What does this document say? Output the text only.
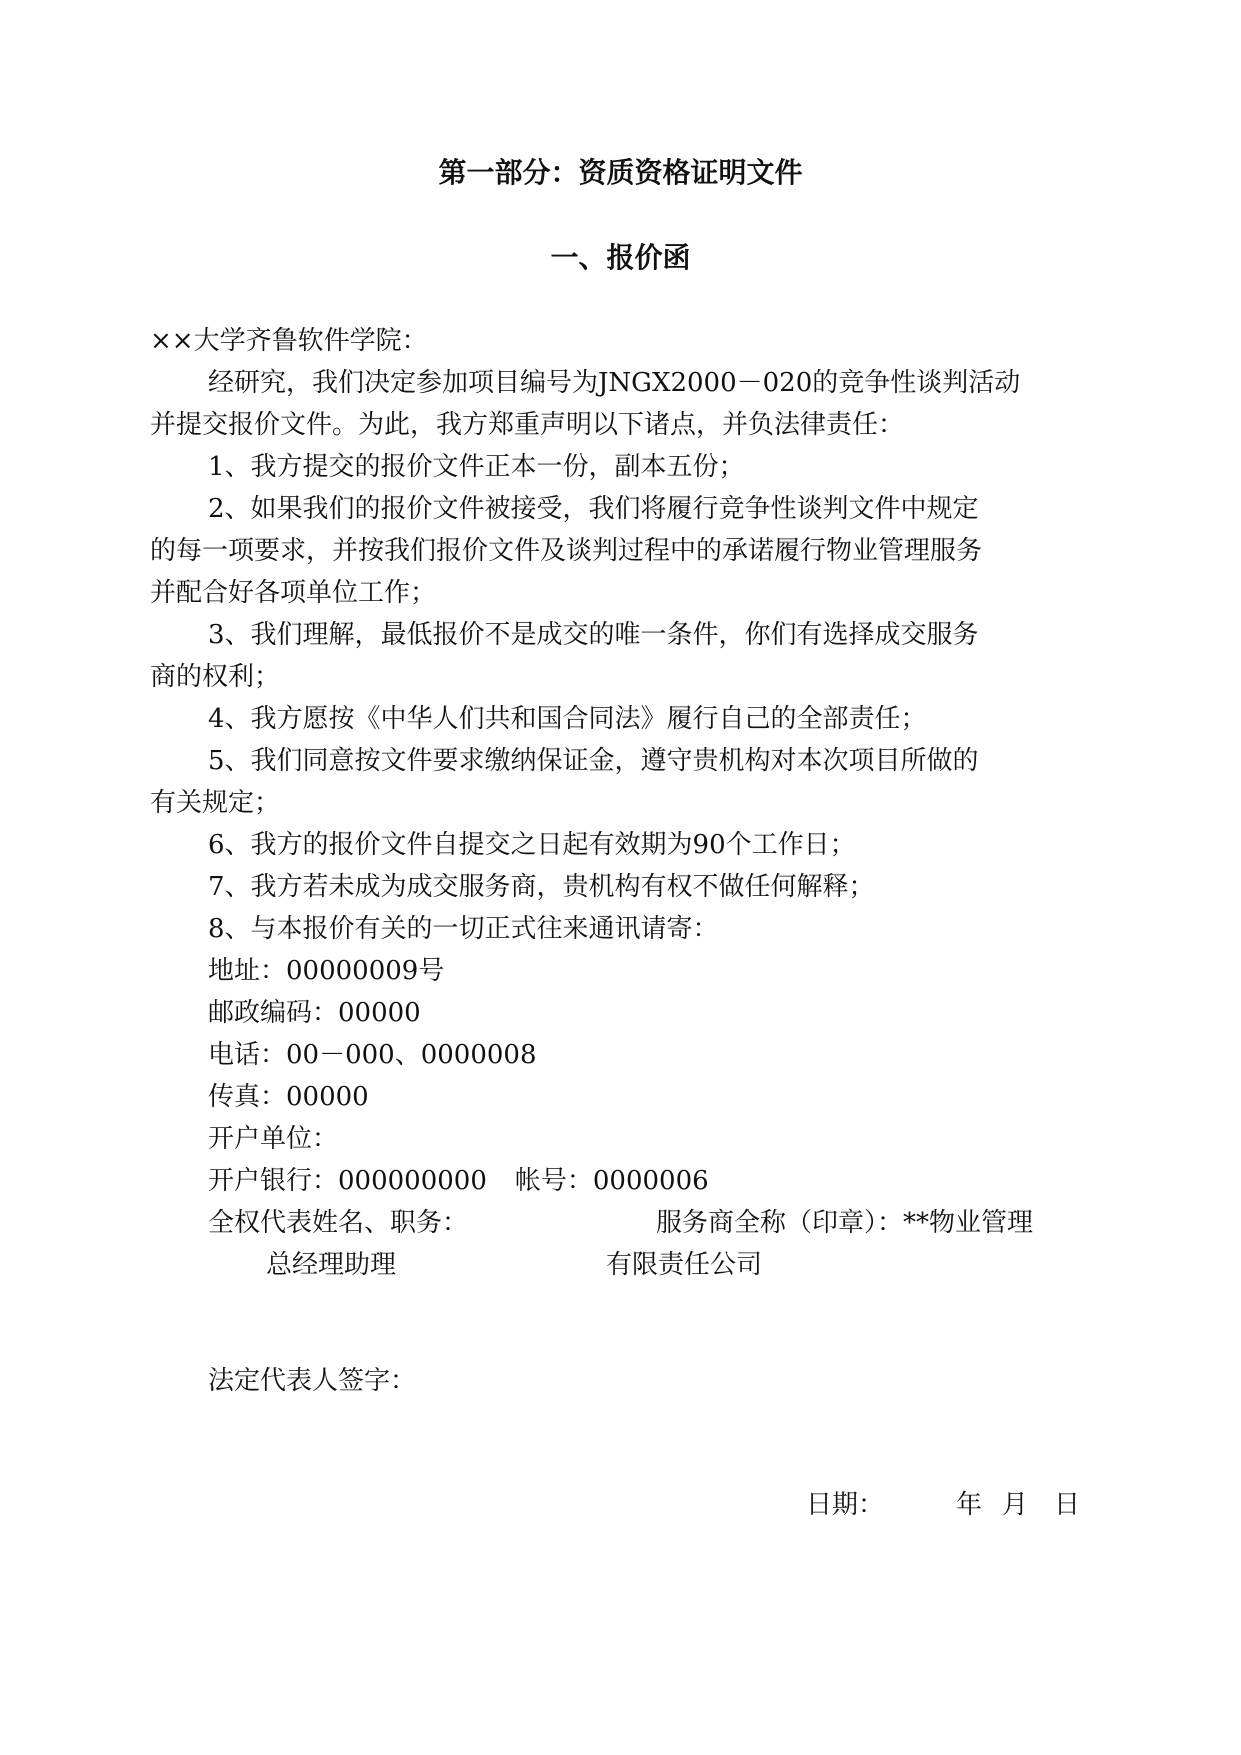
第一部分：资质资格证明文件
一、报价函
××大学齐鲁软件学院：
经研究，我们决定参加项目编号为JNGX2000－020的竞争性谈判活动
并提交报价文件。为此，我方郑重声明以下诸点，并负法律责任：
1、我方提交的报价文件正本一份，副本五份；
2、如果我们的报价文件被接受，我们将履行竞争性谈判文件中规定
的每一项要求，并按我们报价文件及谈判过程中的承诺履行物业管理服务
并配合好各项单位工作；
3、我们理解，最低报价不是成交的唯一条件，你们有选择成交服务
商的权利；
4、我方愿按《中华人们共和国合同法》履行自己的全部责任；
5、我们同意按文件要求缴纳保证金，遵守贵机构对本次项目所做的
有关规定；
6、我方的报价文件自提交之日起有效期为90个工作日；
7、我方若未成为成交服务商，贵机构有权不做任何解释；
8、与本报价有关的一切正式往来通讯请寄：
地址：00000009号
邮政编码：00000
电话：00－000、0000008
传真：00000
开户单位：
开户银行：000000000 帐号：0000006
全权代表姓名、职务：	服务商全称（印章）：**物业管理
总经理助理	有限责任公司
法定代表人签字：
日期：	年 月 日
